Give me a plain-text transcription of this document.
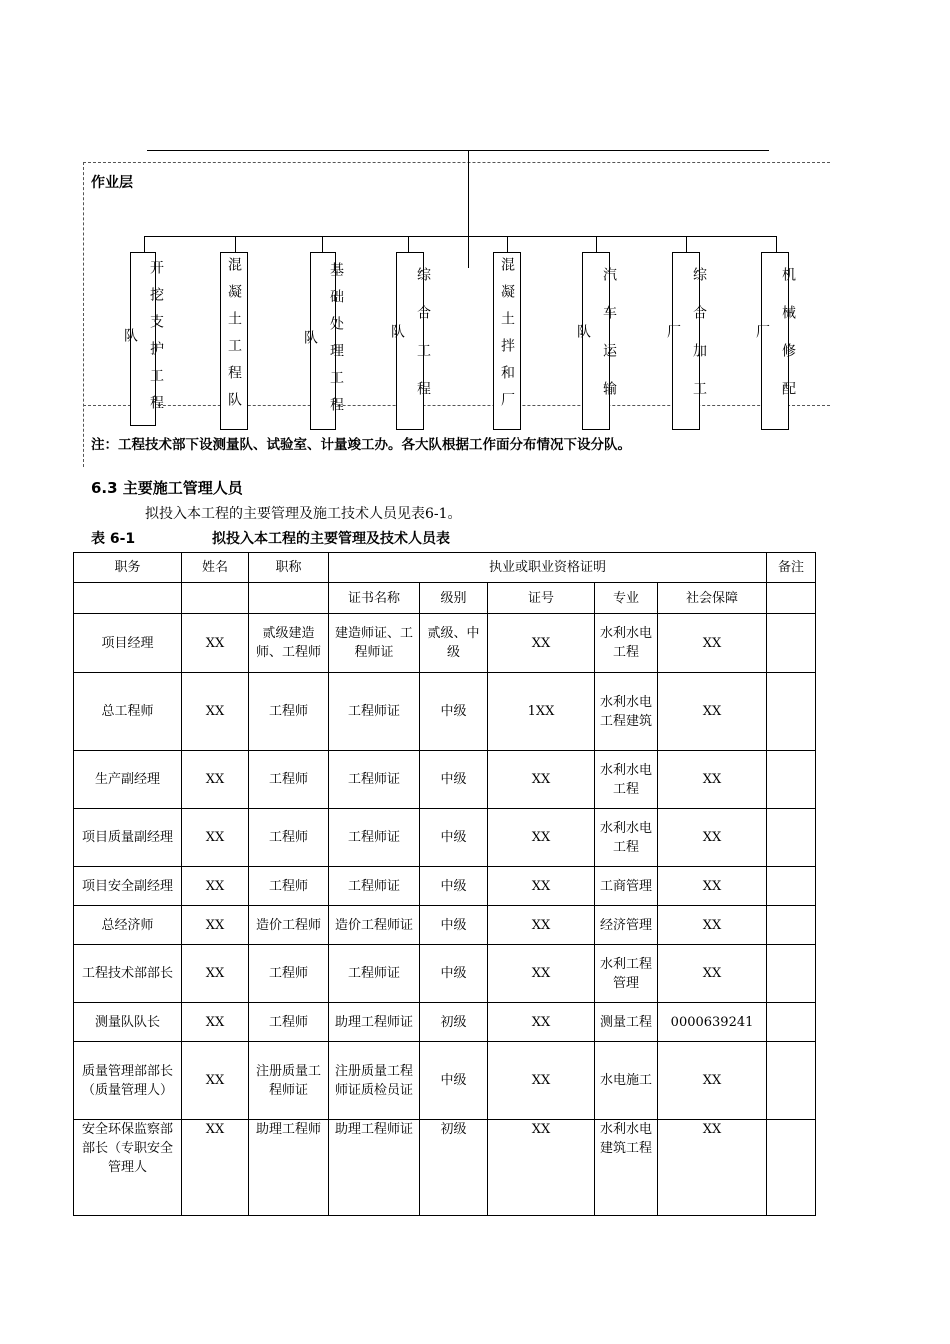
作业层
开挖支护工程队	混凝土工程队	基础处理工程队	综合工程队	混凝土拌和厂	汽车运输队	综合加工厂	机械修配厂
注：工程技术部下设测量队、试验室、计量竣工办。各大队根据工作面分布情况下设分队。
6.3 主要施工管理人员
拟投入本工程的主要管理及施工技术人员见表6-1。
表 6-1	拟投入本工程的主要管理及技术人员表
职务	姓名	职称	执业或职业资格证明					备注
			证书名称	级别	证号	专业	社会保障	
项目经理	XX	贰级建造师、工程师	建造师证、工程师证	贰级、中级	XX	水利水电工程	XX	
总工程师	XX	工程师	工程师证	中级	1XX	水利水电工程建筑	XX	
生产副经理	XX	工程师	工程师证	中级	XX	水利水电工程	XX	
项目质量副经理	XX	工程师	工程师证	中级	XX	水利水电工程	XX	
项目安全副经理	XX	工程师	工程师证	中级	XX	工商管理	XX	
总经济师	XX	造价工程师	造价工程师证	中级	XX	经济管理	XX	
工程技术部部长	XX	工程师	工程师证	中级	XX	水利工程管理	XX	
测量队队长	XX	工程师	助理工程师证	初级	XX	测量工程	0000639241	
质量管理部部长（质量管理人）	XX	注册质量工程师证	注册质量工程师证质检员证	中级	XX	水电施工	XX	
安全环保监察部部长（专职安全管理人	XX	助理工程师	助理工程师证	初级	XX	水利水电建筑工程	XX	
